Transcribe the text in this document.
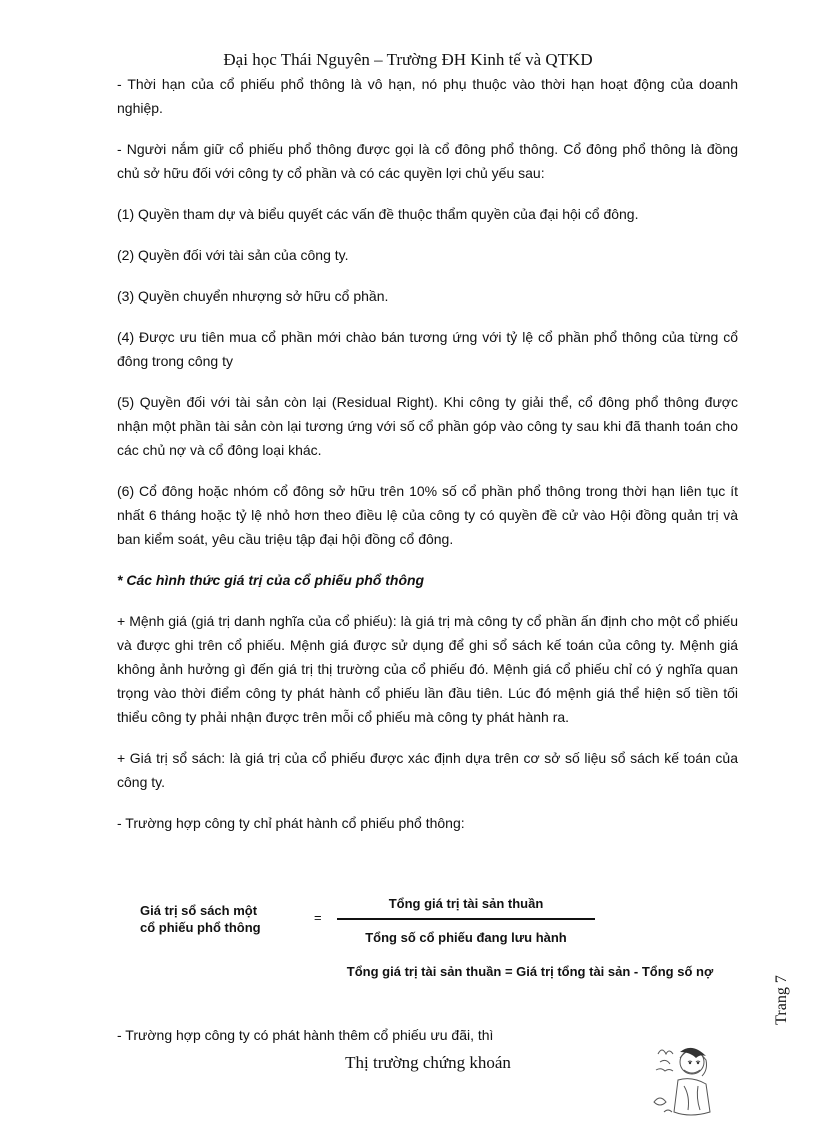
Đại học Thái Nguyên – Trường ĐH Kinh tế và QTKD

- Thời hạn của cổ phiếu phổ thông là vô hạn, nó phụ thuộc vào thời hạn hoạt động của doanh nghiệp.

- Người nắm giữ cổ phiếu phổ thông được gọi là cổ đông phổ thông. Cổ đông phổ thông là đồng chủ sở hữu đối với công ty cổ phần và có các quyền lợi chủ yếu sau:

(1) Quyền tham dự và biểu quyết các vấn đề thuộc thẩm quyền của đại hội cổ đông.

(2) Quyền đối với tài sản của công ty.

(3) Quyền chuyển nhượng sở hữu cổ phần.

(4) Được ưu tiên mua cổ phần mới chào bán tương ứng với tỷ lệ cổ phần phổ thông của từng cổ đông trong công ty

(5) Quyền đối với tài sản còn lại (Residual Right). Khi công ty giải thể, cổ đông phổ thông được nhận một phần tài sản còn lại tương ứng với số cổ phần góp vào công ty sau khi đã thanh toán cho các chủ nợ và cổ đông loại khác.

(6) Cổ đông hoặc nhóm cổ đông sở hữu trên 10% số cổ phần phổ thông trong thời hạn liên tục ít nhất 6 tháng hoặc tỷ lệ nhỏ hơn theo điều lệ của công ty có quyền đề cử vào Hội đồng quản trị và ban kiểm soát, yêu cầu triệu tập đại hội đồng cổ đông.

* Các hình thức giá trị của cổ phiếu phổ thông

+ Mệnh giá (giá trị danh nghĩa của cổ phiếu): là giá trị mà công ty cổ phần ấn định cho một cổ phiếu và được ghi trên cổ phiếu. Mệnh giá được sử dụng để ghi sổ sách kế toán của công ty. Mệnh giá không ảnh hưởng gì đến giá trị thị trường của cổ phiếu đó. Mệnh giá cổ phiếu chỉ có ý nghĩa quan trọng vào thời điểm công ty phát hành cổ phiếu lần đầu tiên. Lúc đó mệnh giá thể hiện số tiền tối thiểu công ty phải nhận được trên mỗi cổ phiếu mà công ty phát hành ra.

+ Giá trị sổ sách: là giá trị của cổ phiếu được xác định dựa trên cơ sở số liệu sổ sách kế toán của công ty.

- Trường hợp công ty chỉ phát hành cổ phiếu phổ thông:

Giá trị sổ sách một
cổ phiếu phổ thông
=
Tổng giá trị tài sản thuần
Tổng số cổ phiếu đang lưu hành
Tổng giá trị tài sản thuần = Giá trị tổng tài sản - Tổng số nợ
- Trường hợp công ty có phát hành thêm cổ phiếu ưu đãi, thì
Thị trường chứng khoán
Trang 7
